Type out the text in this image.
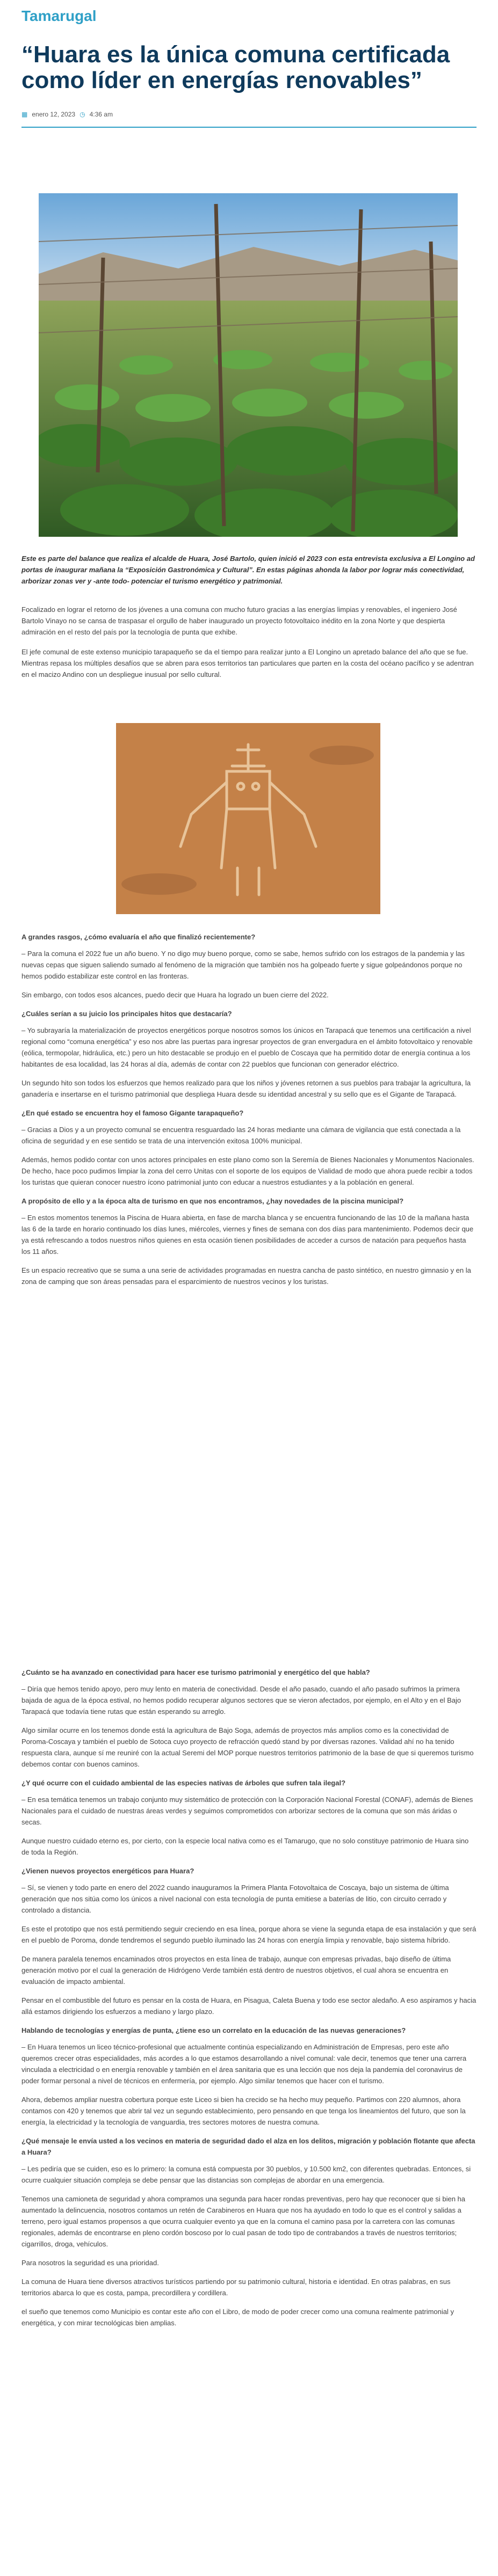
Tamarugal
“Huara es la única comuna certificada como líder en energías renovables”
▦ enero 12, 2023 ◷ 4:36 am

Este es parte del balance que realiza el alcalde de Huara, José Bartolo, quien inició el 2023 con esta entrevista exclusiva a El Longino ad portas de inaugurar mañana la “Exposición Gastronómica y Cultural”. En estas páginas ahonda la labor por lograr más conectividad, arborizar zonas ver y -ante todo- potenciar el turismo energético y patrimonial.

Focalizado en lograr el retorno de los jóvenes a una comuna con mucho futuro gracias a las energías limpias y renovables, el ingeniero José Bartolo Vinayo no se cansa de traspasar el orgullo de haber inaugurado un proyecto fotovoltaico inédito en la zona Norte y que despierta admiración en el resto del país por la tecnología de punta que exhibe.

El jefe comunal de este extenso municipio tarapaqueño se da el tiempo para realizar junto a El Longino un apretado balance del año que se fue. Mientras repasa los múltiples desafíos que se abren para esos territorios tan particulares que parten en la costa del océano pacífico y se adentran en el macizo Andino con un despliegue inusual por sello cultural.

A grandes rasgos, ¿cómo evaluaría el año que finalizó recientemente?

– Para la comuna el 2022 fue un año bueno. Y no digo muy bueno porque, como se sabe, hemos sufrido con los estragos de la pandemia y las nuevas cepas que siguen saliendo sumado al fenómeno de la migración que también nos ha golpeado fuerte y sigue golpeándonos porque no hemos podido estabilizar este control en las fronteras.

Sin embargo, con todos esos alcances, puedo decir que Huara ha logrado un buen cierre del 2022.

¿Cuáles serían a su juicio los principales hitos que destacaría?

– Yo subrayaría la materialización de proyectos energéticos porque nosotros somos los únicos en Tarapacá que tenemos una certificación a nivel regional como “comuna energética” y eso nos abre las puertas para ingresar proyectos de gran envergadura en el ámbito fotovoltaico y renovable (eólica, termopolar, hidráulica, etc.) pero un hito destacable se produjo en el pueblo de Coscaya que ha permitido dotar de energía continua a los habitantes de esa localidad, las 24 horas al día, además de contar con 22 pueblos que funcionan con generador eléctrico.

Un segundo hito son todos los esfuerzos que hemos realizado para que los niños y jóvenes retornen a sus pueblos para trabajar la agricultura, la ganadería e insertarse en el turismo patrimonial que despliega Huara desde su identidad ancestral y su sello que es el Gigante de Tarapacá.

¿En qué estado se encuentra hoy el famoso Gigante tarapaqueño?

– Gracias a Dios y a un proyecto comunal se encuentra resguardado las 24 horas mediante una cámara de vigilancia que está conectada a la oficina de seguridad y en ese sentido se trata de una intervención exitosa 100% municipal.

Además, hemos podido contar con unos actores principales en este plano como son la Seremía de Bienes Nacionales y Monumentos Nacionales. De hecho, hace poco pudimos limpiar la zona del cerro Unitas con el soporte de los equipos de Vialidad de modo que ahora puede recibir a todos los turistas que quieran conocer nuestro ícono patrimonial junto con educar a nuestros estudiantes y a la población en general.

A propósito de ello y a la época alta de turismo en que nos encontramos, ¿hay novedades de la piscina municipal?

– En estos momentos tenemos la Piscina de Huara abierta, en fase de marcha blanca y se encuentra funcionando de las 10 de la mañana hasta las 6 de la tarde en horario continuado los días lunes, miércoles, viernes y fines de semana con dos días para mantenimiento. Podemos decir que ya está refrescando a todos nuestros niños quienes en esta ocasión tienen posibilidades de acceder a cursos de natación para pequeños hasta los 11 años.

Es un espacio recreativo que se suma a una serie de actividades programadas en nuestra cancha de pasto sintético, en nuestro gimnasio y en la zona de camping que son áreas pensadas para el esparcimiento de nuestros vecinos y los turistas.

¿Cuánto se ha avanzado en conectividad para hacer ese turismo patrimonial y energético del que habla?

– Diría que hemos tenido apoyo, pero muy lento en materia de conectividad. Desde el año pasado, cuando el año pasado sufrimos la primera bajada de agua de la época estival, no hemos podido recuperar algunos sectores que se vieron afectados, por ejemplo, en el Alto y en el Bajo Tarapacá que todavía tiene rutas que están esperando su arreglo.

Algo similar ocurre en los tenemos donde está la agricultura de Bajo Soga, además de proyectos más amplios como es la conectividad de Poroma-Coscaya y también el pueblo de Sotoca cuyo proyecto de refracción quedó stand by por diversas razones. Validad ahí no ha tenido respuesta clara, aunque sí me reuniré con la actual Seremi del MOP porque nuestros territorios patrimonio de la base de que si queremos turismo debemos contar con buenos caminos.

¿Y qué ocurre con el cuidado ambiental de las especies nativas de árboles que sufren tala ilegal?

– En esa temática tenemos un trabajo conjunto muy sistemático de protección con la Corporación Nacional Forestal (CONAF), además de Bienes Nacionales para el cuidado de nuestras áreas verdes y seguimos comprometidos con arborizar sectores de la comuna que son más áridas o secas.

Aunque nuestro cuidado eterno es, por cierto, con la especie local nativa como es el Tamarugo, que no solo constituye patrimonio de Huara sino de toda la Región.

¿Vienen nuevos proyectos energéticos para Huara?

– Sí, se vienen y todo parte en enero del 2022 cuando inauguramos la Primera Planta Fotovoltaica de Coscaya, bajo un sistema de última generación que nos sitúa como los únicos a nivel nacional con esta tecnología de punta emitiese a baterías de litio, con circuito cerrado y controlado a distancia.

Es este el prototipo que nos está permitiendo seguir creciendo en esa línea, porque ahora se viene la segunda etapa de esa instalación y que será en el pueblo de Poroma, donde tendremos el segundo pueblo iluminado las 24 horas con energía limpia y renovable, bajo sistema híbrido.

De manera paralela tenemos encaminados otros proyectos en esta línea de trabajo, aunque con empresas privadas, bajo diseño de última generación motivo por el cual la generación de Hidrógeno Verde también está dentro de nuestros objetivos, el cual ahora se encuentra en evaluación de impacto ambiental.

Pensar en el combustible del futuro es pensar en la costa de Huara, en Pisagua, Caleta Buena y todo ese sector aledaño. A eso aspiramos y hacia allá estamos dirigiendo los esfuerzos a mediano y largo plazo.

Hablando de tecnologías y energías de punta, ¿tiene eso un correlato en la educación de las nuevas generaciones?

– En Huara tenemos un liceo técnico-profesional que actualmente continúa especializando en Administración de Empresas, pero este año queremos crecer otras especialidades, más acordes a lo que estamos desarrollando a nivel comunal: vale decir, tenemos que tener una carrera vinculada a electricidad o en energía renovable y también en el área sanitaria que es una lección que nos deja la pandemia del coronavirus de poder formar personal a nivel de técnicos en enfermería, por ejemplo. Algo similar tenemos que hacer con el turismo.

Ahora, debemos ampliar nuestra cobertura porque este Liceo si bien ha crecido se ha hecho muy pequeño. Partimos con 220 alumnos, ahora contamos con 420 y tenemos que abrir tal vez un segundo establecimiento, pero pensando en que tenga los lineamientos del futuro, que son la energía, la electricidad y la tecnología de vanguardia, tres sectores motores de nuestra comuna.

¿Qué mensaje le envía usted a los vecinos en materia de seguridad dado el alza en los delitos, migración y población flotante que afecta a Huara?

– Les pediría que se cuiden, eso es lo primero: la comuna está compuesta por 30 pueblos, y 10.500 km2, con diferentes quebradas. Entonces, si ocurre cualquier situación compleja se debe pensar que las distancias son complejas de abordar en una emergencia.

Tenemos una camioneta de seguridad y ahora compramos una segunda para hacer rondas preventivas, pero hay que reconocer que si bien ha aumentado la delincuencia, nosotros contamos un retén de Carabineros en Huara que nos ha ayudado en todo lo que es el control y salidas a terreno, pero igual estamos propensos a que ocurra cualquier evento ya que en la comuna el camino pasa por la carretera con las comunas regionales, además de encontrarse en pleno cordón boscoso por lo cual pasan de todo tipo de contrabandos a través de nuestros territorios; cigarrillos, droga, vehículos.

Para nosotros la seguridad es una prioridad.

La comuna de Huara tiene diversos atractivos turísticos partiendo por su patrimonio cultural, historia e identidad. En otras palabras, en sus territorios abarca lo que es costa, pampa, precordillera y cordillera.

el sueño que tenemos como Municipio es contar este año con el Libro, de modo de poder crecer como una comuna realmente patrimonial y energética, y con mirar tecnológicas bien amplias.
